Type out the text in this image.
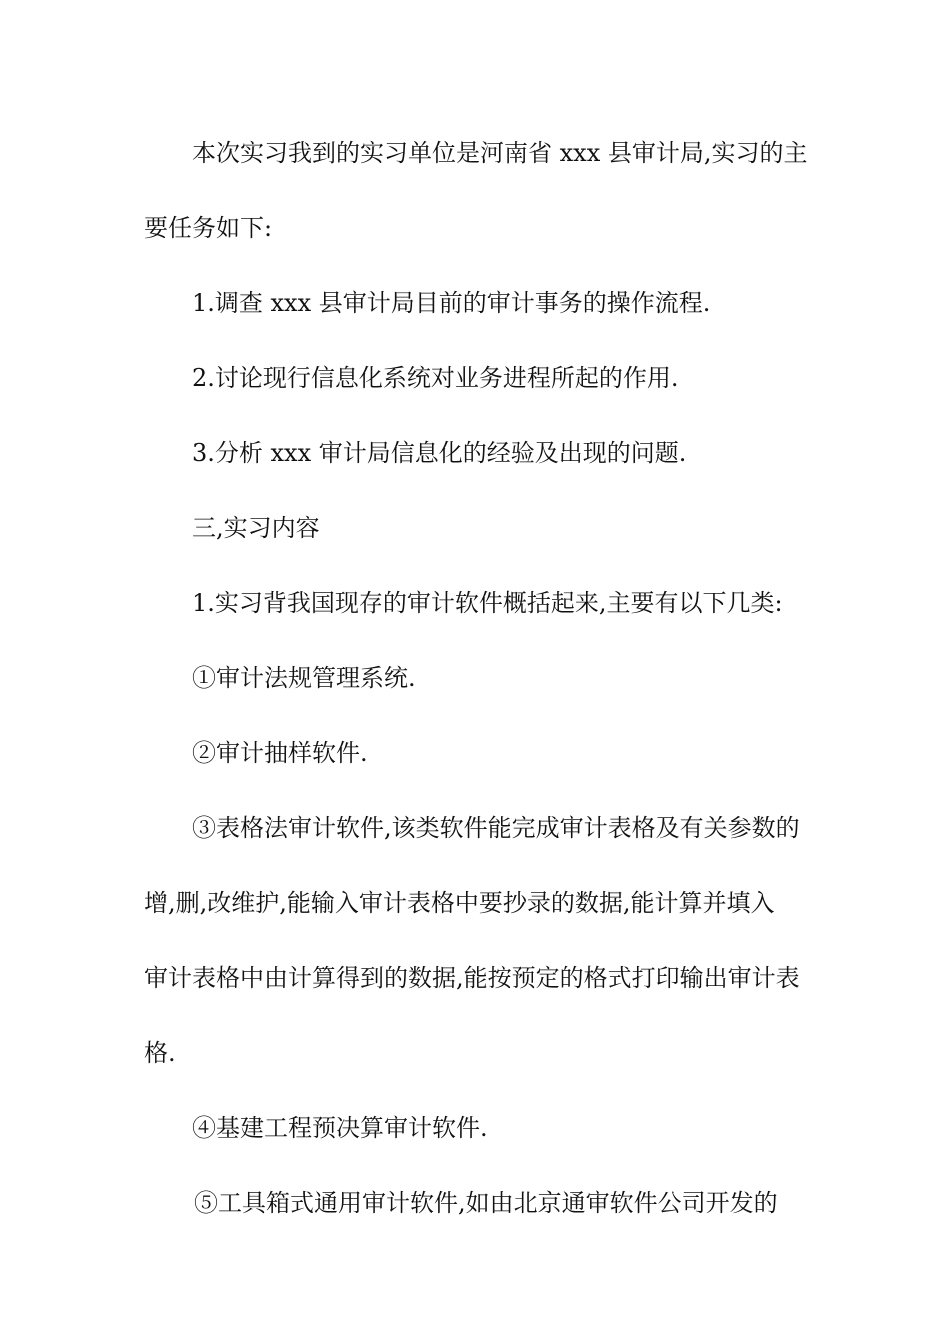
本次实习我到的实习单位是河南省 xxx 县审计局,实习的主
要任务如下:
1.调查 xxx 县审计局目前的审计事务的操作流程.
2.讨论现行信息化系统对业务进程所起的作用.
3.分析 xxx 审计局信息化的经验及出现的问题.
三,实习内容
1.实习背我国现存的审计软件概括起来,主要有以下几类:
①审计法规管理系统.
②审计抽样软件.
③表格法审计软件,该类软件能完成审计表格及有关参数的
增,删,改维护,能输入审计表格中要抄录的数据,能计算并填入
审计表格中由计算得到的数据,能按预定的格式打印输出审计表
格.
④基建工程预决算审计软件.
⑤工具箱式通用审计软件,如由北京通审软件公司开发的
